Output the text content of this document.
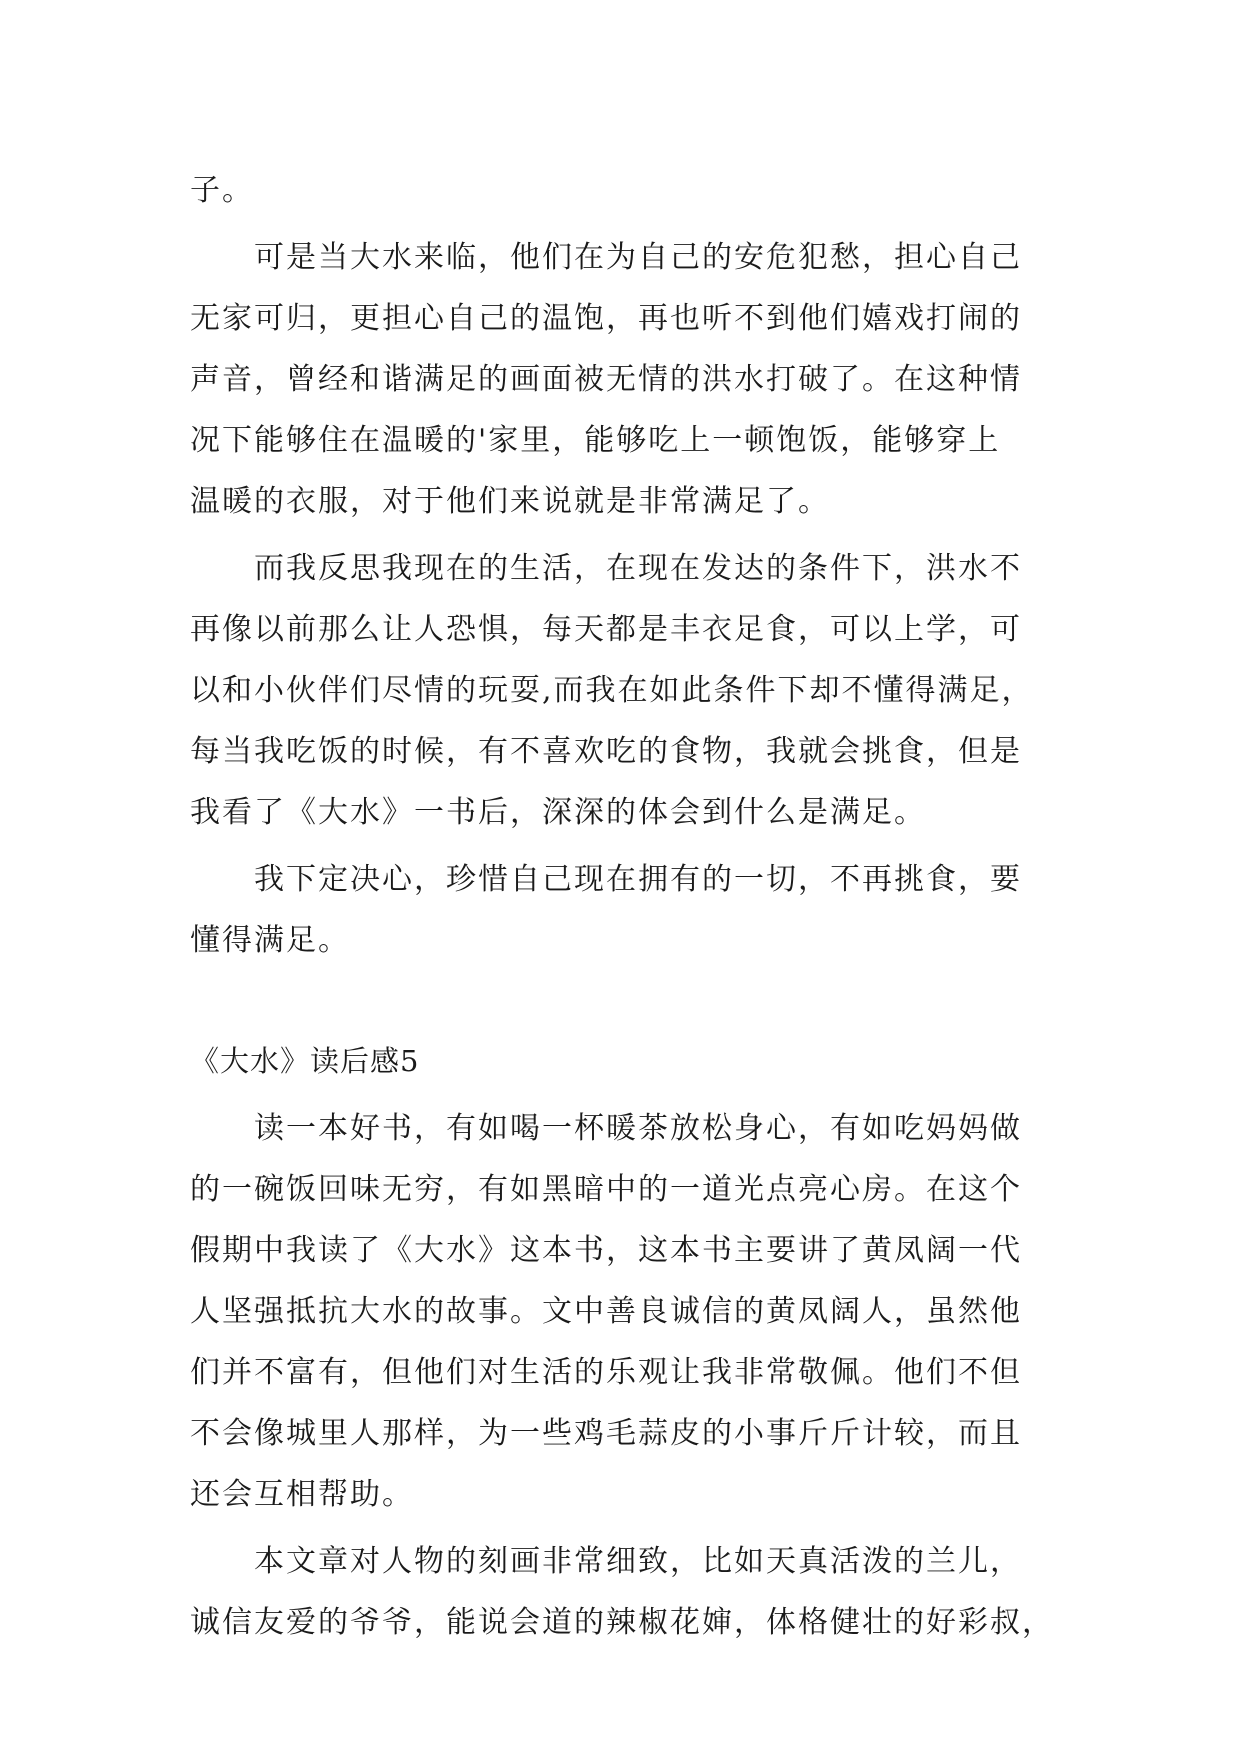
子。
　　可是当大水来临，他们在为自己的安危犯愁，担心自己
无家可归，更担心自己的温饱，再也听不到他们嬉戏打闹的
声音，曾经和谐满足的画面被无情的洪水打破了。在这种情
况下能够住在温暖的'家里，能够吃上一顿饱饭，能够穿上
温暖的衣服，对于他们来说就是非常满足了。
　　而我反思我现在的生活，在现在发达的条件下，洪水不
再像以前那么让人恐惧，每天都是丰衣足食，可以上学，可
以和小伙伴们尽情的玩耍,而我在如此条件下却不懂得满足，
每当我吃饭的时候，有不喜欢吃的食物，我就会挑食，但是
我看了《大水》一书后，深深的体会到什么是满足。
　　我下定决心，珍惜自己现在拥有的一切，不再挑食，要
懂得满足。
《大水》读后感5
　　读一本好书，有如喝一杯暖茶放松身心，有如吃妈妈做
的一碗饭回味无穷，有如黑暗中的一道光点亮心房。在这个
假期中我读了《大水》这本书，这本书主要讲了黄凤阔一代
人坚强抵抗大水的故事。文中善良诚信的黄凤阔人，虽然他
们并不富有，但他们对生活的乐观让我非常敬佩。他们不但
不会像城里人那样，为一些鸡毛蒜皮的小事斤斤计较，而且
还会互相帮助。
　　本文章对人物的刻画非常细致，比如天真活泼的兰儿，
诚信友爱的爷爷，能说会道的辣椒花婶，体格健壮的好彩叔，
